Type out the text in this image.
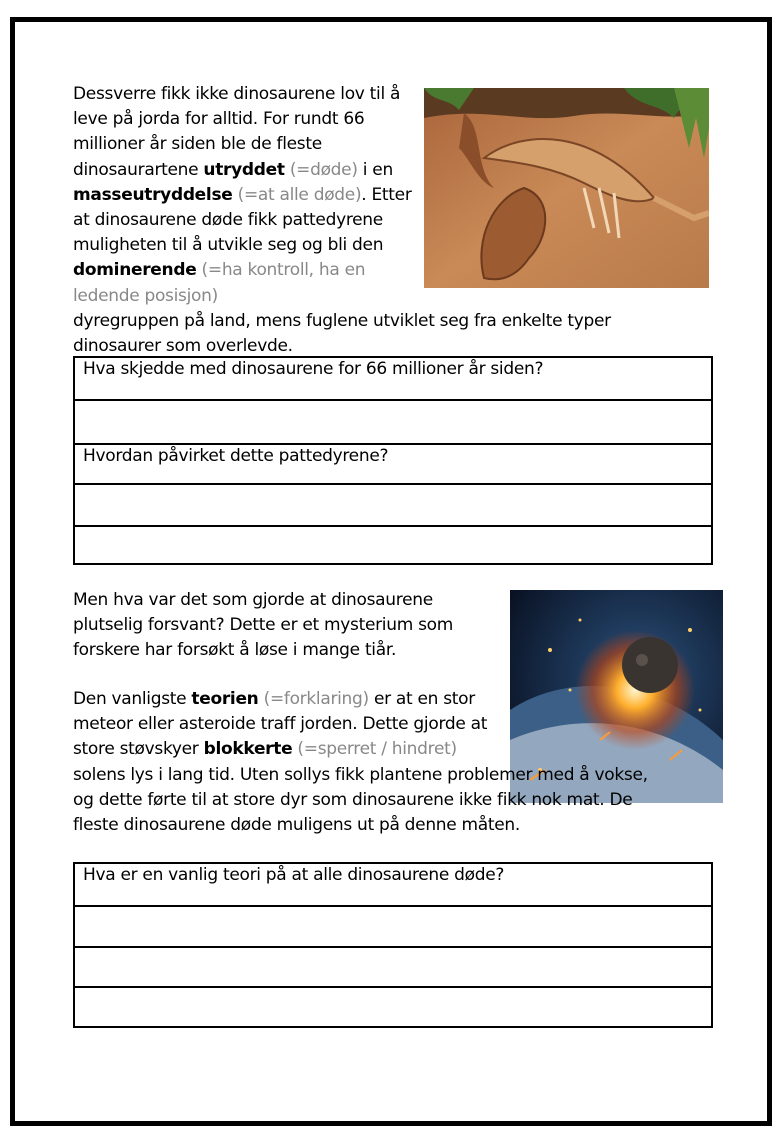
Dessverre fikk ikke dinosaurene lov til å leve på jorda for alltid. For rundt 66 millioner år siden ble de fleste dinosaurartene utryddet (=døde) i en masseutryddelse (=at alle døde). Etter at dinosaurene døde fikk pattedyrene muligheten til å utvikle seg og bli den dominerende (=ha kontroll, ha en ledende posisjon)
dyregruppen på land, mens fuglene utviklet seg fra enkelte typer dinosaurer som overlevde.

Hva skjedde med dinosaurene for 66 millioner år siden?

Hvordan påvirket dette pattedyrene?

Men hva var det som gjorde at dinosaurene plutselig forsvant? Dette er et mysterium som forskere har forsøkt å løse i mange tiår.

Den vanligste teorien (=forklaring) er at en stor meteor eller asteroide traff jorden. Dette gjorde at store støvskyer blokkerte (=sperret / hindret)
solens lys i lang tid. Uten sollys fikk plantene problemer med å vokse, og dette førte til at store dyr som dinosaurene ikke fikk nok mat. De fleste dinosaurene døde muligens ut på denne måten.

Hva er en vanlig teori på at alle dinosaurene døde?
